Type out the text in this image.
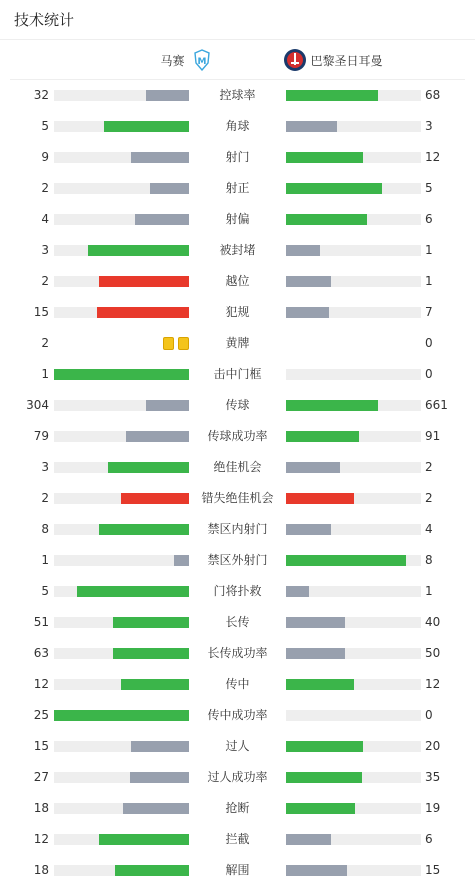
技术统计
马赛 M	巴黎圣日耳曼
32	控球率	68
5	角球	3
9	射门	12
2	射正	5
4	射偏	6
3	被封堵	1
2	越位	1
15	犯规	7
2	黄牌	0
1	击中门框	0
304	传球	661
79	传球成功率	91
3	绝佳机会	2
2	错失绝佳机会	2
8	禁区内射门	4
1	禁区外射门	8
5	门将扑救	1
51	长传	40
63	长传成功率	50
12	传中	12
25	传中成功率	0
15	过人	20
27	过人成功率	35
18	抢断	19
12	拦截	6
18	解围	15
